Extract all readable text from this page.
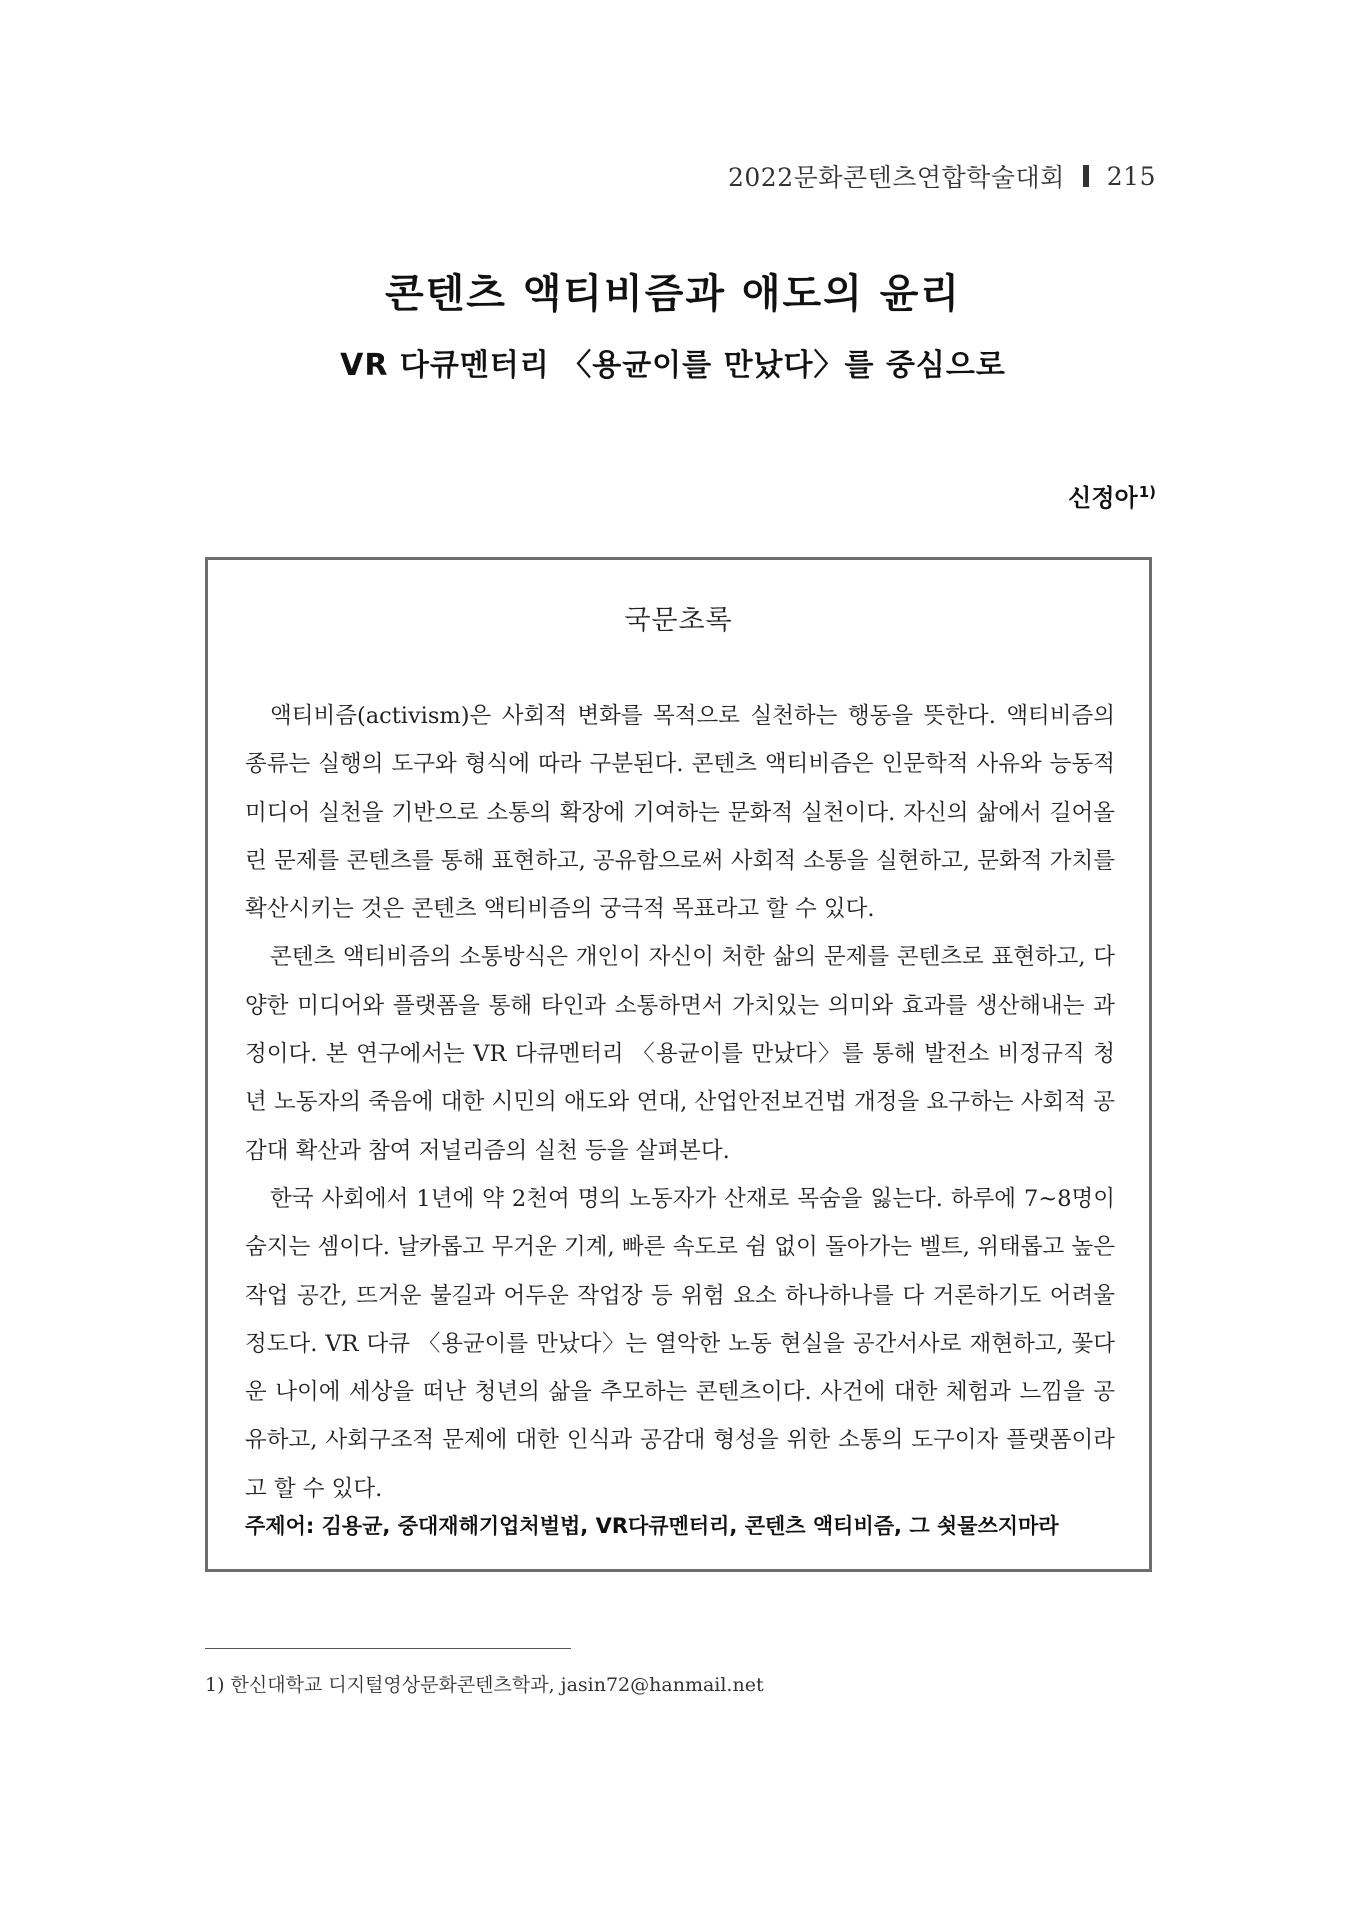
2022문화콘텐츠연합학술대회 215
콘텐츠 액티비즘과 애도의 윤리
VR 다큐멘터리 〈용균이를 만났다〉를 중심으로
신정아$^{1)}$
국문초록

액티비즘(activism)은 사회적 변화를 목적으로 실천하는 행동을 뜻한다. 액티비즘의 종류는 실행의 도구와 형식에 따라 구분된다. 콘텐츠 액티비즘은 인문학적 사유와 능동적 미디어 실천을 기반으로 소통의 확장에 기여하는 문화적 실천이다. 자신의 삶에서 길어올린 문제를 콘텐츠를 통해 표현하고, 공유함으로써 사회적 소통을 실현하고, 문화적 가치를 확산시키는 것은 콘텐츠 액티비즘의 궁극적 목표라고 할 수 있다.

콘텐츠 액티비즘의 소통방식은 개인이 자신이 처한 삶의 문제를 콘텐츠로 표현하고, 다양한 미디어와 플랫폼을 통해 타인과 소통하면서 가치있는 의미와 효과를 생산해내는 과정이다. 본 연구에서는 VR 다큐멘터리 〈용균이를 만났다〉를 통해 발전소 비정규직 청년 노동자의 죽음에 대한 시민의 애도와 연대, 산업안전보건법 개정을 요구하는 사회적 공감대 확산과 참여 저널리즘의 실천 등을 살펴본다.

한국 사회에서 1년에 약 2천여 명의 노동자가 산재로 목숨을 잃는다. 하루에 7~8명이 숨지는 셈이다. 날카롭고 무거운 기계, 빠른 속도로 쉼 없이 돌아가는 벨트, 위태롭고 높은 작업 공간, 뜨거운 불길과 어두운 작업장 등 위험 요소 하나하나를 다 거론하기도 어려울 정도다. VR 다큐 〈용균이를 만났다〉는 열악한 노동 현실을 공간서사로 재현하고, 꽃다운 나이에 세상을 떠난 청년의 삶을 추모하는 콘텐츠이다. 사건에 대한 체험과 느낌을 공유하고, 사회구조적 문제에 대한 인식과 공감대 형성을 위한 소통의 도구이자 플랫폼이라고 할 수 있다.

주제어: 김용균, 중대재해기업처벌법, VR다큐멘터리, 콘텐츠 액티비즘, 그 쇳물쓰지마라
1) 한신대학교 디지털영상문화콘텐츠학과, jasin72@hanmail.net
